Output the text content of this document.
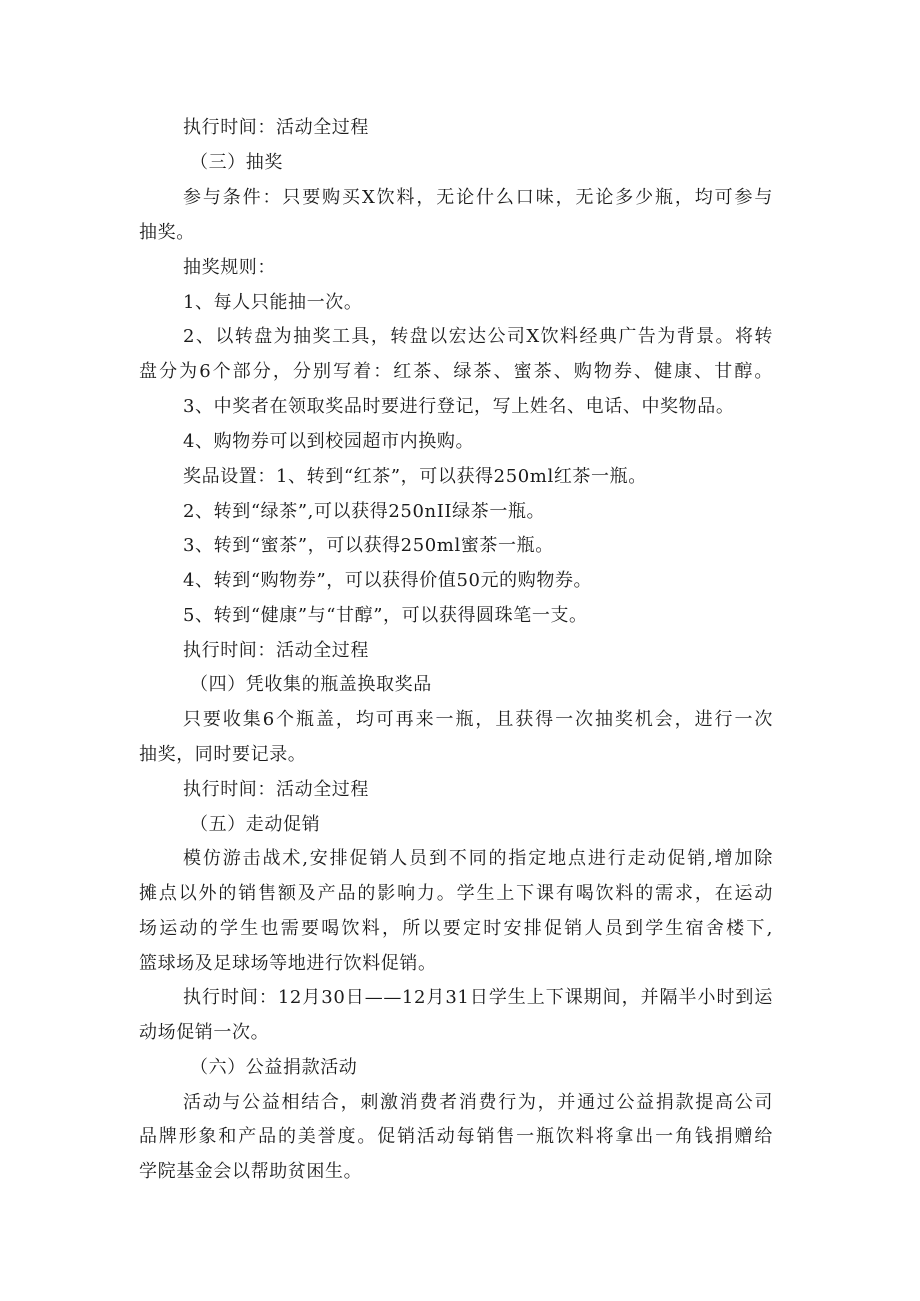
执行时间：活动全过程
（三）抽奖
参与条件：只要购买X饮料，无论什么口味，无论多少瓶，均可参与
抽奖。
抽奖规则：
1、每人只能抽一次。
2、以转盘为抽奖工具，转盘以宏达公司X饮料经典广告为背景。将转
盘分为6个部分，分别写着：红茶、绿茶、蜜茶、购物券、健康、甘醇。
3、中奖者在领取奖品时要进行登记，写上姓名、电话、中奖物品。
4、购物券可以到校园超市内换购。
奖品设置：1、转到“红茶”，可以获得250ml红茶一瓶。
2、转到“绿茶”,可以获得250nII绿茶一瓶。
3、转到“蜜茶”，可以获得250ml蜜茶一瓶。
4、转到“购物券”，可以获得价值50元的购物券。
5、转到“健康”与“甘醇”，可以获得圆珠笔一支。
执行时间：活动全过程
（四）凭收集的瓶盖换取奖品
只要收集6个瓶盖，均可再来一瓶，且获得一次抽奖机会，进行一次
抽奖，同时要记录。
执行时间：活动全过程
（五）走动促销
模仿游击战术,安排促销人员到不同的指定地点进行走动促销,增加除
摊点以外的销售额及产品的影响力。学生上下课有喝饮料的需求，在运动
场运动的学生也需要喝饮料，所以要定时安排促销人员到学生宿舍楼下,
篮球场及足球场等地进行饮料促销。
执行时间：12月30日——12月31日学生上下课期间，并隔半小时到运
动场促销一次。
（六）公益捐款活动
活动与公益相结合，刺激消费者消费行为，并通过公益捐款提高公司
品牌形象和产品的美誉度。促销活动每销售一瓶饮料将拿出一角钱捐赠给
学院基金会以帮助贫困生。
